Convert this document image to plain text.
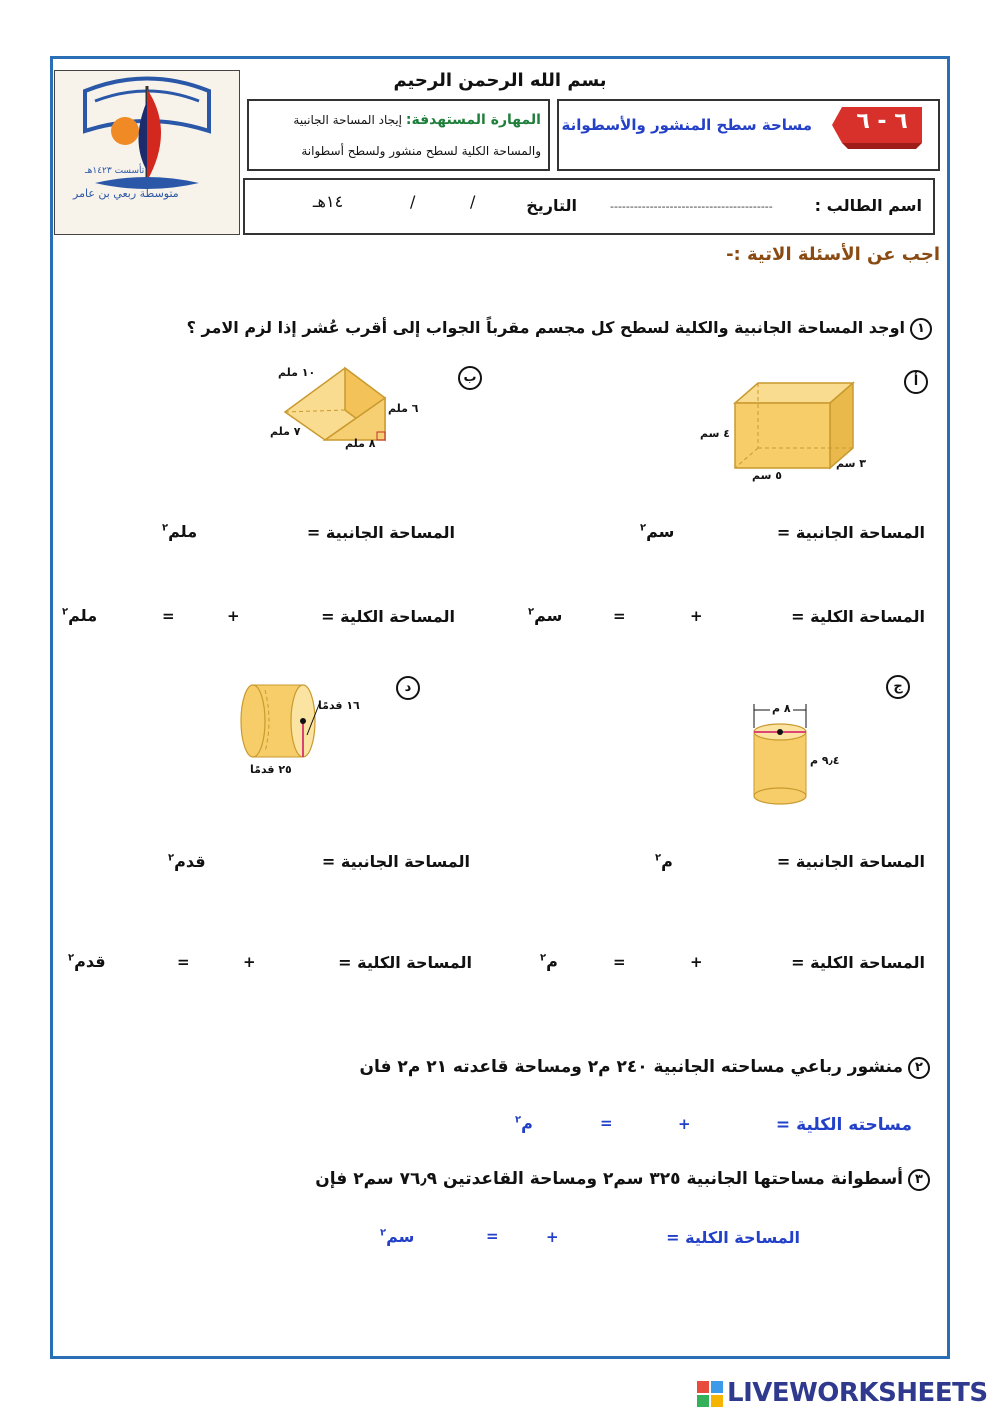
تأسست ١٤٢٣هـ
متوسطة ربعي بن عامر
بسم الله الرحمن الرحيم
المهارة المستهدفة: إيجاد المساحة الجانبية
والمساحة الكلية لسطح منشور ولسطح أسطوانة
مساحة سطح المنشور والأسطوانة	٦ - ٦
اسم الطالب :
-----------------------------------------
التاريخ
/
/
١٤هـ
اجب عن الأسئلة الاتية :-
١
اوجد المساحة الجانبية والكلية لسطح كل مجسم مقرباً الجواب إلى أقرب عُشر إذا لزم الامر ؟
أ
٤ سم
٥ سم
٣ سم
ب
١٠ ملم
٦ ملم
٧ ملم
٨ ملم
المساحة الجانبية =
سم$^٢$
المساحة الجانبية =
ملم$^٢$
المساحة الكلية =
+
=
سم$^٢$
المساحة الكلية =
+
=
ملم$^٢$
ج
٨ م
٩٫٤ م
د
١٦ قدمًا
٢٥ قدمًا
المساحة الجانبية =
م$^٢$
المساحة الجانبية =
قدم$^٢$
المساحة الكلية =
+
=
م$^٢$
المساحة الكلية =
+
=
قدم$^٢$
٢
منشور رباعي مساحته الجانبية ٢٤٠ م٢ ومساحة قاعدته ٢١ م٢ فان
مساحته الكلية =
+
=
م$^٢$
٣
أسطوانة مساحتها الجانبية ٣٢٥ سم٢ ومساحة القاعدتين ٧٦٫٩ سم٢ فإن
المساحة الكلية =
+
=
سم$^٢$
LIVEWORKSHEETS
